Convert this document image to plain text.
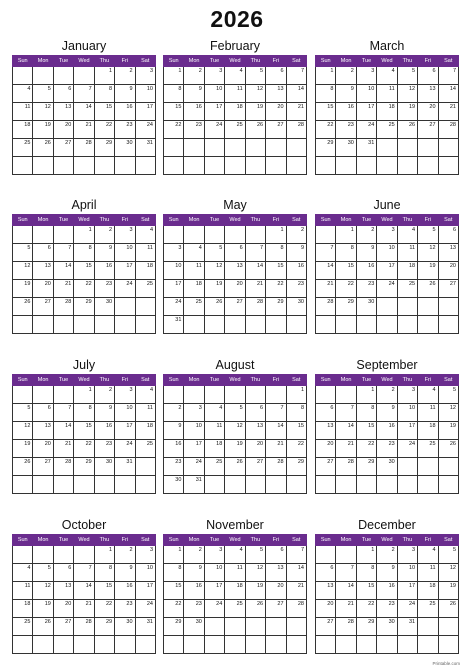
2026
January
Sun	Mon	Tue	Wed	Thu	Fri	Sat
				1	2	3
4	5	6	7	8	9	10
11	12	13	14	15	16	17
18	19	20	21	22	23	24
25	26	27	28	29	30	31

February
Sun	Mon	Tue	Wed	Thu	Fri	Sat
1	2	3	4	5	6	7
8	9	10	11	12	13	14
15	16	17	18	19	20	21
22	23	24	25	26	27	28

March
Sun	Mon	Tue	Wed	Thu	Fri	Sat
1	2	3	4	5	6	7
8	9	10	11	12	13	14
15	16	17	18	19	20	21
22	23	24	25	26	27	28
29	30	31				

April
Sun	Mon	Tue	Wed	Thu	Fri	Sat
			1	2	3	4
5	6	7	8	9	10	11
12	13	14	15	16	17	18
19	20	21	22	23	24	25
26	27	28	29	30		

May
Sun	Mon	Tue	Wed	Thu	Fri	Sat
					1	2
3	4	5	6	7	8	9
10	11	12	13	14	15	16
17	18	19	20	21	22	23
24	25	26	27	28	29	30
31						
June
Sun	Mon	Tue	Wed	Thu	Fri	Sat
	1	2	3	4	5	6
7	8	9	10	11	12	13
14	15	16	17	18	19	20
21	22	23	24	25	26	27
28	29	30				

July
Sun	Mon	Tue	Wed	Thu	Fri	Sat
			1	2	3	4
5	6	7	8	9	10	11
12	13	14	15	16	17	18
19	20	21	22	23	24	25
26	27	28	29	30	31	

August
Sun	Mon	Tue	Wed	Thu	Fri	Sat
						1
2	3	4	5	6	7	8
9	10	11	12	13	14	15
16	17	18	19	20	21	22
23	24	25	26	27	28	29
30	31					
September
Sun	Mon	Tue	Wed	Thu	Fri	Sat
		1	2	3	4	5
6	7	8	9	10	11	12
13	14	15	16	17	18	19
20	21	22	23	24	25	26
27	28	29	30			

October
Sun	Mon	Tue	Wed	Thu	Fri	Sat
				1	2	3
4	5	6	7	8	9	10
11	12	13	14	15	16	17
18	19	20	21	22	23	24
25	26	27	28	29	30	31

November
Sun	Mon	Tue	Wed	Thu	Fri	Sat
1	2	3	4	5	6	7
8	9	10	11	12	13	14
15	16	17	18	19	20	21
22	23	24	25	26	27	28
29	30					

December
Sun	Mon	Tue	Wed	Thu	Fri	Sat
		1	2	3	4	5
6	7	8	9	10	11	12
13	14	15	16	17	18	19
20	21	22	23	24	25	26
27	28	29	30	31		

Printable.com
